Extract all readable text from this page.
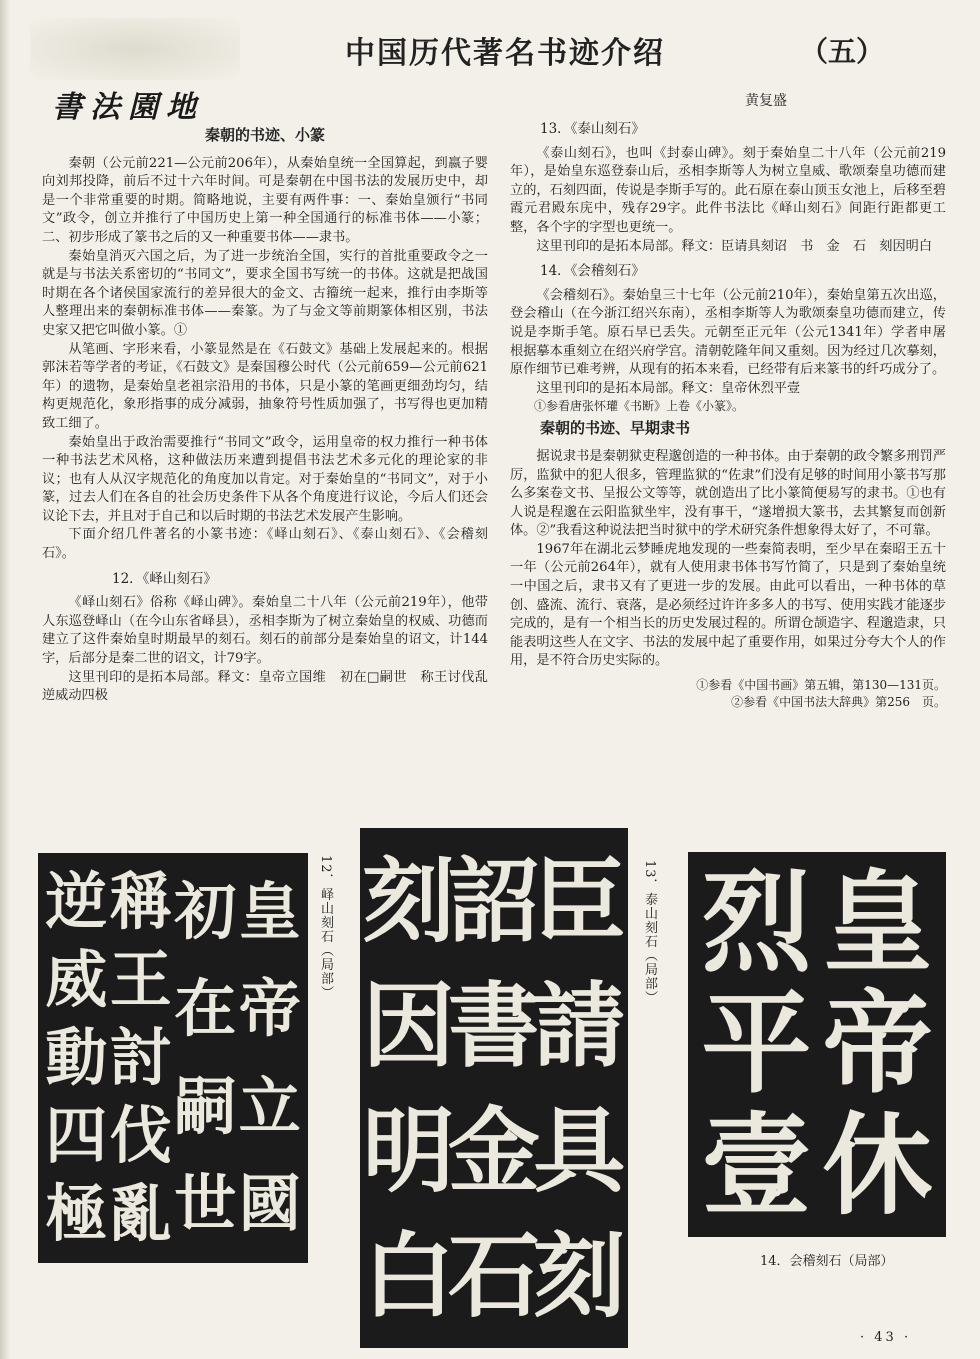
中国历代著名书迹介绍	（五）
書法園地	黄复盛
秦朝的书迹、小篆

秦朝（公元前221—公元前206年），从秦始皇统一全国算起，到嬴子婴向刘邦投降，前后不过十六年时间。可是秦朝在中国书法的发展历史中，却是一个非常重要的时期。简略地说，主要有两件事：一、秦始皇颁行“书同文”政令，创立并推行了中国历史上第一种全国通行的标准书体——小篆；二、初步形成了篆书之后的又一种重要书体——隶书。

秦始皇消灭六国之后，为了进一步统治全国，实行的首批重要政令之一就是与书法关系密切的“书同文”，要求全国书写统一的书体。这就是把战国时期在各个诸侯国家流行的差异很大的金文、古籀统一起来，推行由李斯等人整理出来的秦朝标准书体——秦篆。为了与金文等前期篆体相区别，书法史家又把它叫做小篆。①

从笔画、字形来看，小篆显然是在《石鼓文》基础上发展起来的。根据郭沫若等学者的考证，《石鼓文》是秦国穆公时代（公元前659—公元前621年）的遗物，是秦始皇老祖宗沿用的书体，只是小篆的笔画更细劲均匀，结构更规范化，象形指事的成分减弱，抽象符号性质加强了，书写得也更加精致工细了。

秦始皇出于政治需要推行“书同文”政令，运用皇帝的权力推行一种书体一种书法艺术风格，这种做法历来遭到提倡书法艺术多元化的理论家的非议；也有人从汉字规范化的角度加以肯定。对于秦始皇的“书同文”，对于小篆，过去人们在各自的社会历史条件下从各个角度进行议论，今后人们还会议论下去，并且对于自己和以后时期的书法艺术发展产生影响。

下面介绍几件著名的小篆书迹：《峄山刻石》、《泰山刻石》、《会稽刻石》。

12．《峄山刻石》

《峄山刻石》俗称《峄山碑》。秦始皇二十八年（公元前219年），他带人东巡登峄山（在今山东省峄县），丞相李斯为了树立秦始皇的权威、功德而建立了这件秦始皇时期最早的刻石。刻石的前部分是秦始皇的诏文，计144字，后部分是秦二世的诏文，计79字。

这里刊印的是拓本局部。释文：皇帝立国维　初在□嗣世　称王讨伐乱　逆威动四极

13．《泰山刻石》

《泰山刻石》，也叫《封泰山碑》。刻于秦始皇二十八年（公元前219年），是始皇东巡登泰山后，丞相李斯等人为树立皇威、歌颂秦皇功德而建立的，石刻四面，传说是李斯手写的。此石原在泰山顶玉女池上，后移至碧霞元君殿东庑中，残存29字。此件书法比《峄山刻石》间距行距都更工整，各个字的字型也更统一。

这里刊印的是拓本局部。释文：臣请具刻诏　书　金　石　刻因明白

14．《会稽刻石》

《会稽刻石》。秦始皇三十七年（公元前210年），秦始皇第五次出巡，登会稽山（在今浙江绍兴东南），丞相李斯等人为歌颂秦皇功德而建立，传说是李斯手笔。原石早已丢失。元朝至正元年（公元1341年）学者申屠　根据摹本重刻立在绍兴府学宫。清朝乾隆年间又重刻。因为经过几次摹刻，原作细节已难考辨，从现有的拓本来看，已经带有后来篆书的纤巧成分了。

这里刊印的是拓本局部。释文：皇帝休烈平壹

①参看唐张怀瓘《书断》上卷《小篆》。

秦朝的书迹、早期隶书

据说隶书是秦朝狱吏程邈创造的一种书体。由于秦朝的政令繁多刑罚严厉，监狱中的犯人很多，管理监狱的“佐隶”们没有足够的时间用小篆书写那么多案卷文书、呈报公文等等，就创造出了比小篆简便易写的隶书。①也有人说是程邈在云阳监狱坐牢，没有事干，“遂增损大篆书，去其繁复而创新体。②”我看这种说法把当时狱中的学术研究条件想象得太好了，不可靠。

1967年在湖北云梦睡虎地发现的一些秦简表明，至少早在秦昭王五十一年（公元前264年），就有人使用隶书体书写竹简了，只是到了秦始皇统一中国之后，隶书又有了更进一步的发展。由此可以看出，一种书体的草创、盛流、流行、衰落，是必须经过许许多多人的书写、使用实践才能逐步完成的，是有一个相当长的历史发展过程的。所谓仓颉造字、程邈造隶，只能表明这些人在文字、书法的发展中起了重要作用，如果过分夸大个人的作用，是不符合历史实际的。

①参看《中国书画》第五辑，第130—131页。
②参看《中国书法大辞典》第256　页。
皇
帝
立
國
初
在
嗣
世
稱
王
討
伐
亂
逆
威
動
四
極
12．峄山刻石（局部） 臣
請
具
刻
詔
書
金
石
刻
因
明
白
13．泰山刻石（局部） 皇
帝
休
烈
平
壹
14．会稽刻石（局部）
· 43 ·
